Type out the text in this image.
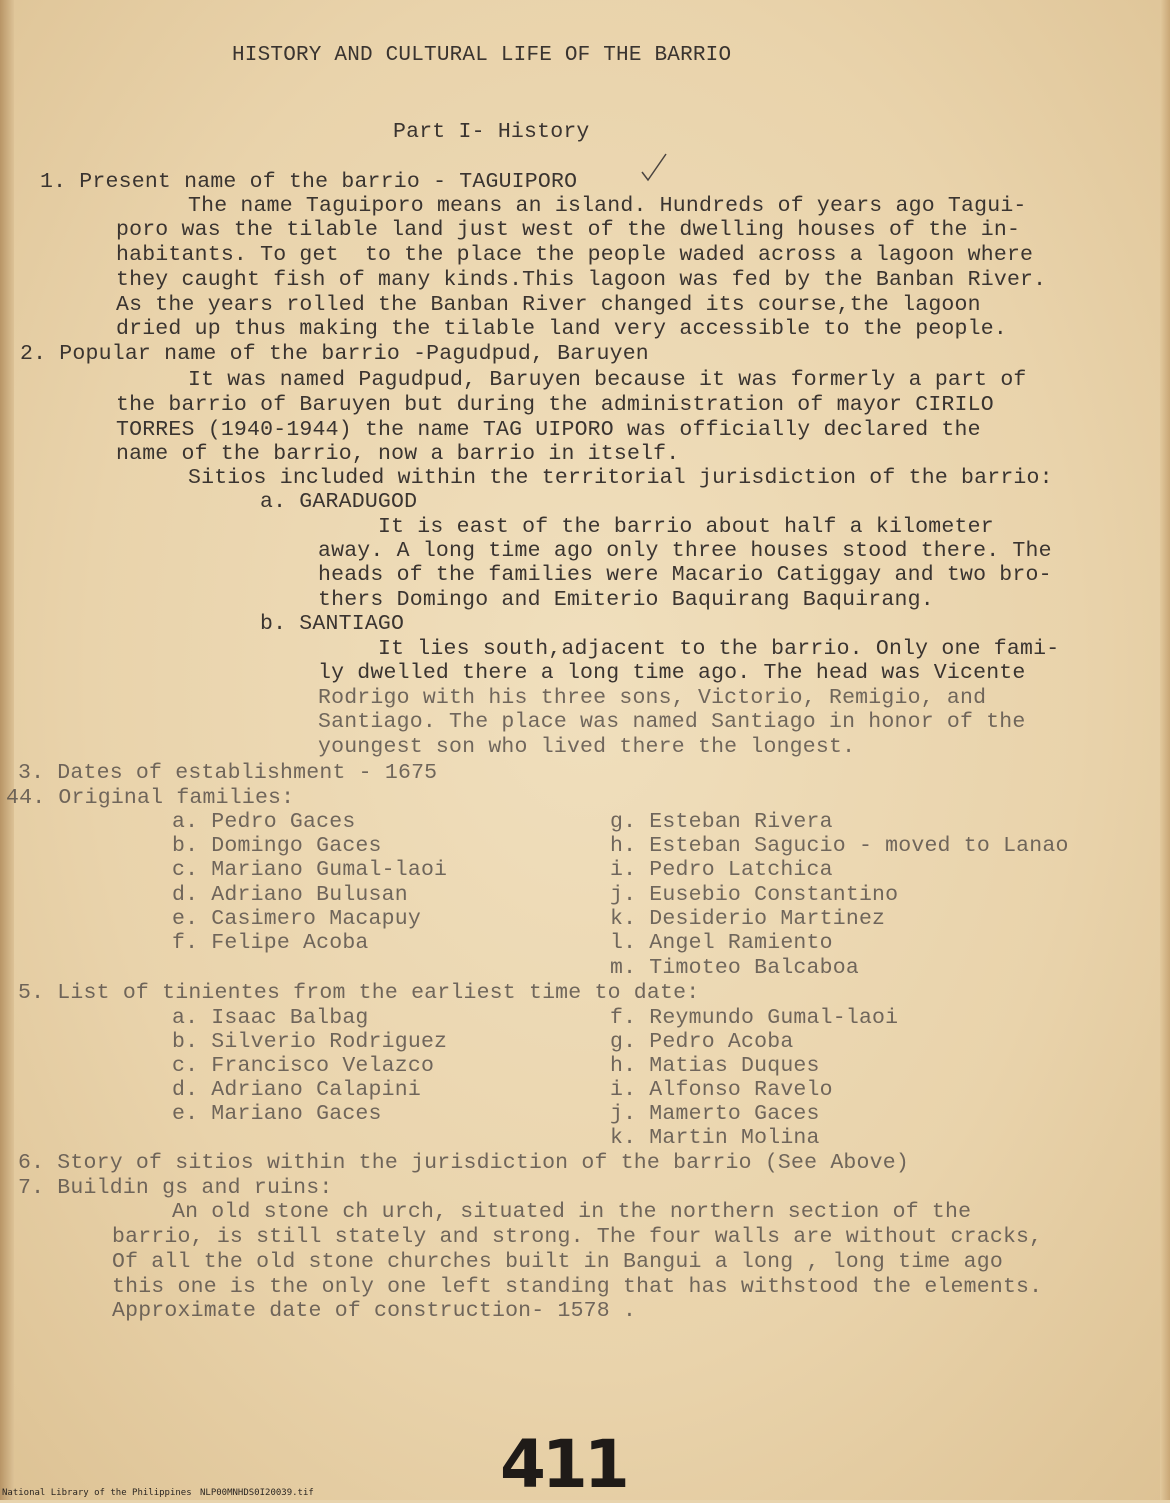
HISTORY AND CULTURAL LIFE OF THE BARRIO
Part I- History
1. Present name of the barrio - TAGUIPORO
The name Taguiporo means an island. Hundreds of years ago Tagui-
poro was the tilable land just west of the dwelling houses of the in-
habitants. To get  to the place the people waded across a lagoon where
they caught fish of many kinds.This lagoon was fed by the Banban River.
As the years rolled the Banban River changed its course,the lagoon
dried up thus making the tilable land very accessible to the people.
2. Popular name of the barrio -Pagudpud, Baruyen
It was named Pagudpud, Baruyen because it was formerly a part of
the barrio of Baruyen but during the administration of mayor CIRILO
TORRES (1940-1944) the name TAG UIPORO was officially declared the
name of the barrio, now a barrio in itself.
Sitios included within the territorial jurisdiction of the barrio:
a. GARADUGOD
It is east of the barrio about half a kilometer
away. A long time ago only three houses stood there. The
heads of the families were Macario Catiggay and two bro-
thers Domingo and Emiterio Baquirang Baquirang.
b. SANTIAGO
It lies south,adjacent to the barrio. Only one fami-
ly dwelled there a long time ago. The head was Vicente
Rodrigo with his three sons, Victorio, Remigio, and
Santiago. The place was named Santiago in honor of the
youngest son who lived there the longest.
3. Dates of establishment - 1675
44. Original families:
a. Pedro Gaces
b. Domingo Gaces
c. Mariano Gumal-laoi
d. Adriano Bulusan
e. Casimero Macapuy
f. Felipe Acoba
g. Esteban Rivera
h. Esteban Sagucio - moved to Lanao
i. Pedro Latchica
j. Eusebio Constantino
k. Desiderio Martinez
l. Angel Ramiento
m. Timoteo Balcaboa
5. List of tinientes from the earliest time to date:
a. Isaac Balbag
b. Silverio Rodriguez
c. Francisco Velazco
d. Adriano Calapini
e. Mariano Gaces
f. Reymundo Gumal-laoi
g. Pedro Acoba
h. Matias Duques
i. Alfonso Ravelo
j. Mamerto Gaces
k. Martin Molina
6. Story of sitios within the jurisdiction of the barrio (See Above)
7. Buildin gs and ruins:
An old stone ch urch, situated in the northern section of the
barrio, is still stately and strong. The four walls are without cracks,
Of all the old stone churches built in Bangui a long , long time ago
this one is the only one left standing that has withstood the elements.
Approximate date of construction- 1578 .
411
National Library of the Philippines NLP00MNHDS0I20039.tif
